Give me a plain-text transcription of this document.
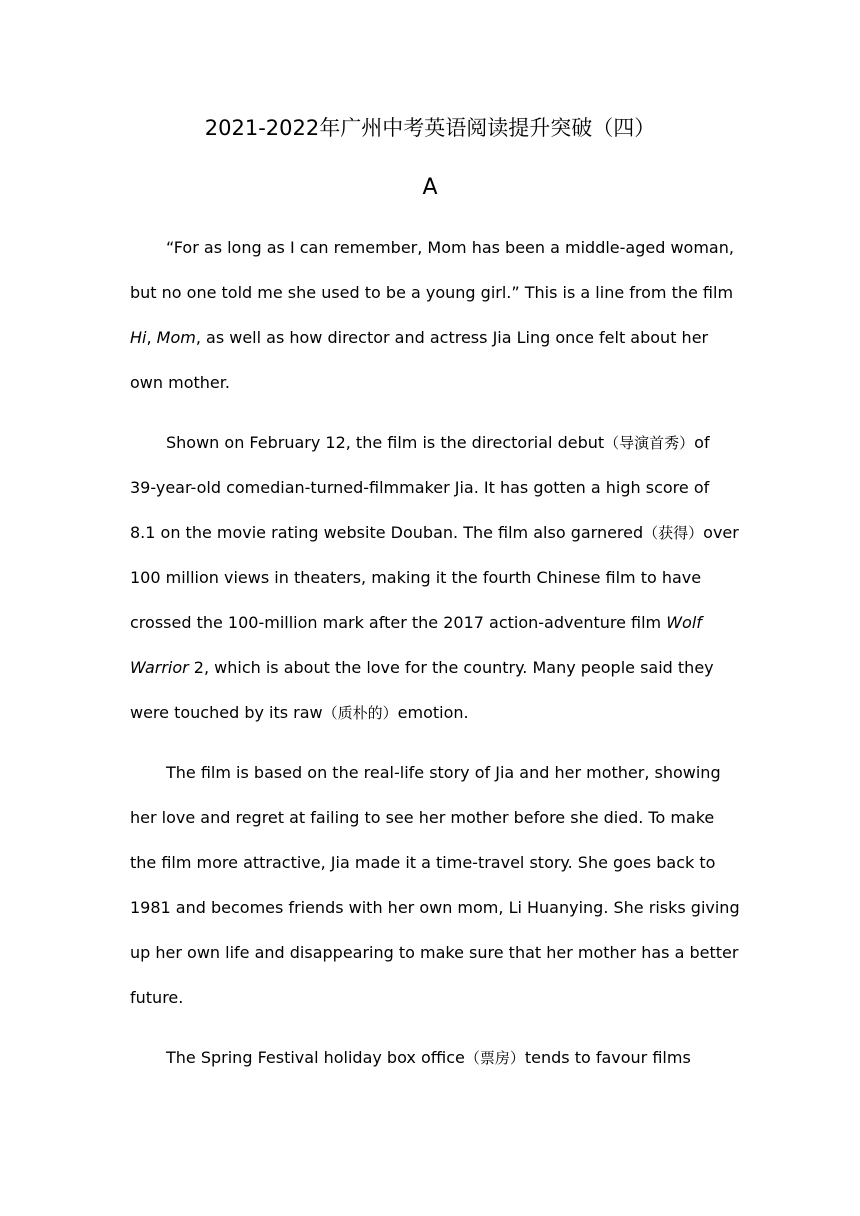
2021-2022年广州中考英语阅读提升突破（四）
A
“For as long as I can remember, Mom has been a middle-aged woman,
but no one told me she used to be a young girl.” This is a line from the film
Hi, Mom, as well as how director and actress Jia Ling once felt about her
own mother.
Shown on February 12, the film is the directorial debut（导演首秀）of
39-year-old comedian-turned-filmmaker Jia. It has gotten a high score of
8.1 on the movie rating website Douban. The film also garnered（获得）over
100 million views in theaters, making it the fourth Chinese film to have
crossed the 100-million mark after the 2017 action-adventure film Wolf
Warrior 2, which is about the love for the country. Many people said they
were touched by its raw（质朴的）emotion.
The film is based on the real-life story of Jia and her mother, showing
her love and regret at failing to see her mother before she died. To make
the film more attractive, Jia made it a time-travel story. She goes back to
1981 and becomes friends with her own mom, Li Huanying. She risks giving
up her own life and disappearing to make sure that her mother has a better
future.
The Spring Festival holiday box office（票房）tends to favour films
